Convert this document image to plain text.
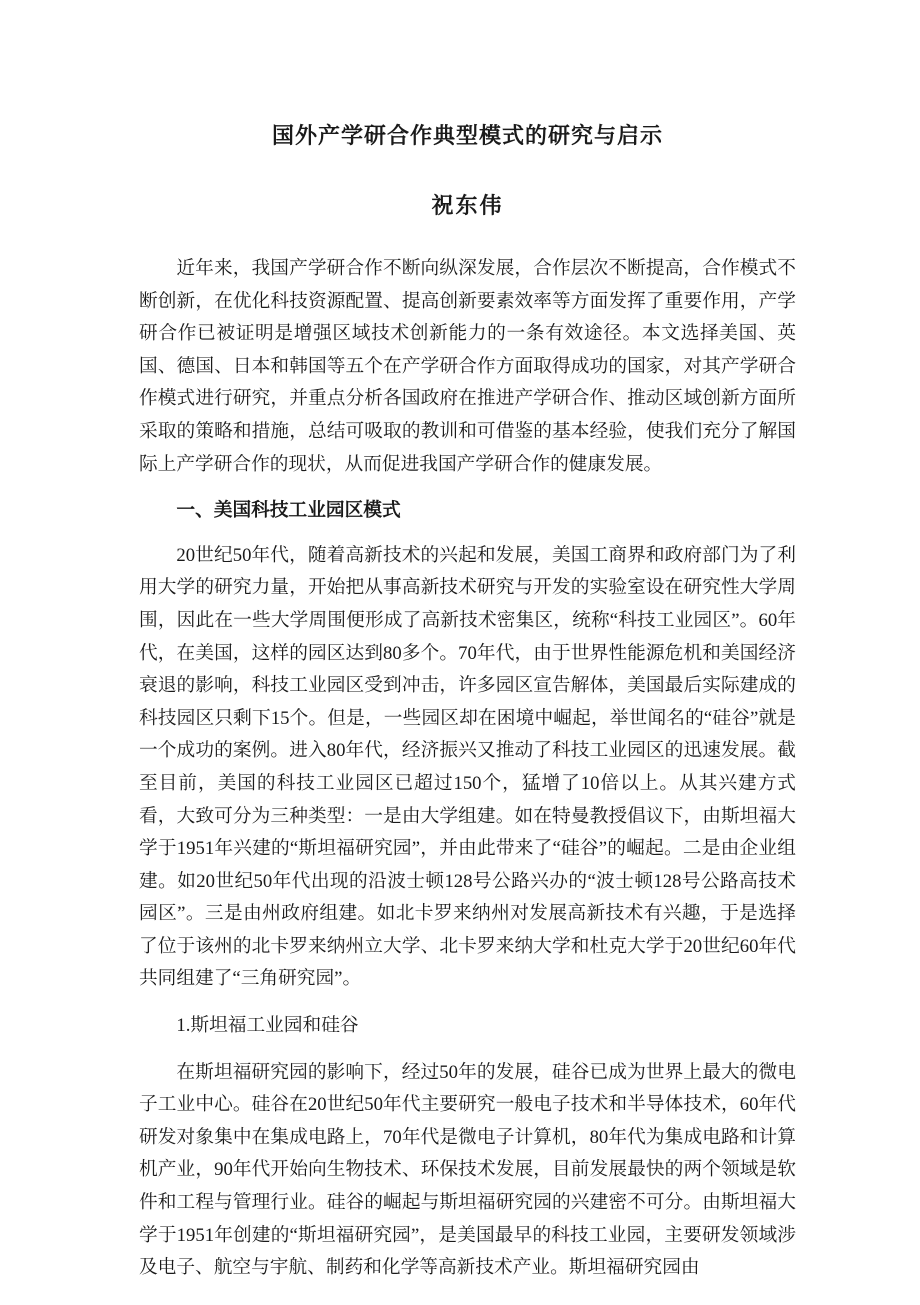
国外产学研合作典型模式的研究与启示
祝东伟

近年来，我国产学研合作不断向纵深发展，合作层次不断提高，合作模式不断创新，在优化科技资源配置、提高创新要素效率等方面发挥了重要作用，产学研合作已被证明是增强区域技术创新能力的一条有效途径。本文选择美国、英国、德国、日本和韩国等五个在产学研合作方面取得成功的国家，对其产学研合作模式进行研究，并重点分析各国政府在推进产学研合作、推动区域创新方面所采取的策略和措施，总结可吸取的教训和可借鉴的基本经验，使我们充分了解国际上产学研合作的现状，从而促进我国产学研合作的健康发展。

一、美国科技工业园区模式

20世纪50年代，随着高新技术的兴起和发展，美国工商界和政府部门为了利用大学的研究力量，开始把从事高新技术研究与开发的实验室设在研究性大学周围，因此在一些大学周围便形成了高新技术密集区，统称“科技工业园区”。60年代，在美国，这样的园区达到80多个。70年代，由于世界性能源危机和美国经济衰退的影响，科技工业园区受到冲击，许多园区宣告解体，美国最后实际建成的科技园区只剩下15个。但是，一些园区却在困境中崛起，举世闻名的“硅谷”就是一个成功的案例。进入80年代，经济振兴又推动了科技工业园区的迅速发展。截至目前，美国的科技工业园区已超过150个，猛增了10倍以上。从其兴建方式看，大致可分为三种类型：一是由大学组建。如在特曼教授倡议下，由斯坦福大学于1951年兴建的“斯坦福研究园”，并由此带来了“硅谷”的崛起。二是由企业组建。如20世纪50年代出现的沿波士顿128号公路兴办的“波士顿128号公路高技术园区”。三是由州政府组建。如北卡罗来纳州对发展高新技术有兴趣，于是选择了位于该州的北卡罗来纳州立大学、北卡罗来纳大学和杜克大学于20世纪60年代共同组建了“三角研究园”。

1.斯坦福工业园和硅谷

在斯坦福研究园的影响下，经过50年的发展，硅谷已成为世界上最大的微电子工业中心。硅谷在20世纪50年代主要研究一般电子技术和半导体技术，60年代研发对象集中在集成电路上，70年代是微电子计算机，80年代为集成电路和计算机产业，90年代开始向生物技术、环保技术发展，目前发展最快的两个领域是软件和工程与管理行业。硅谷的崛起与斯坦福研究园的兴建密不可分。由斯坦福大学于1951年创建的“斯坦福研究园”，是美国最早的科技工业园，主要研发领域涉及电子、航空与宇航、制药和化学等高新技术产业。斯坦福研究园由
